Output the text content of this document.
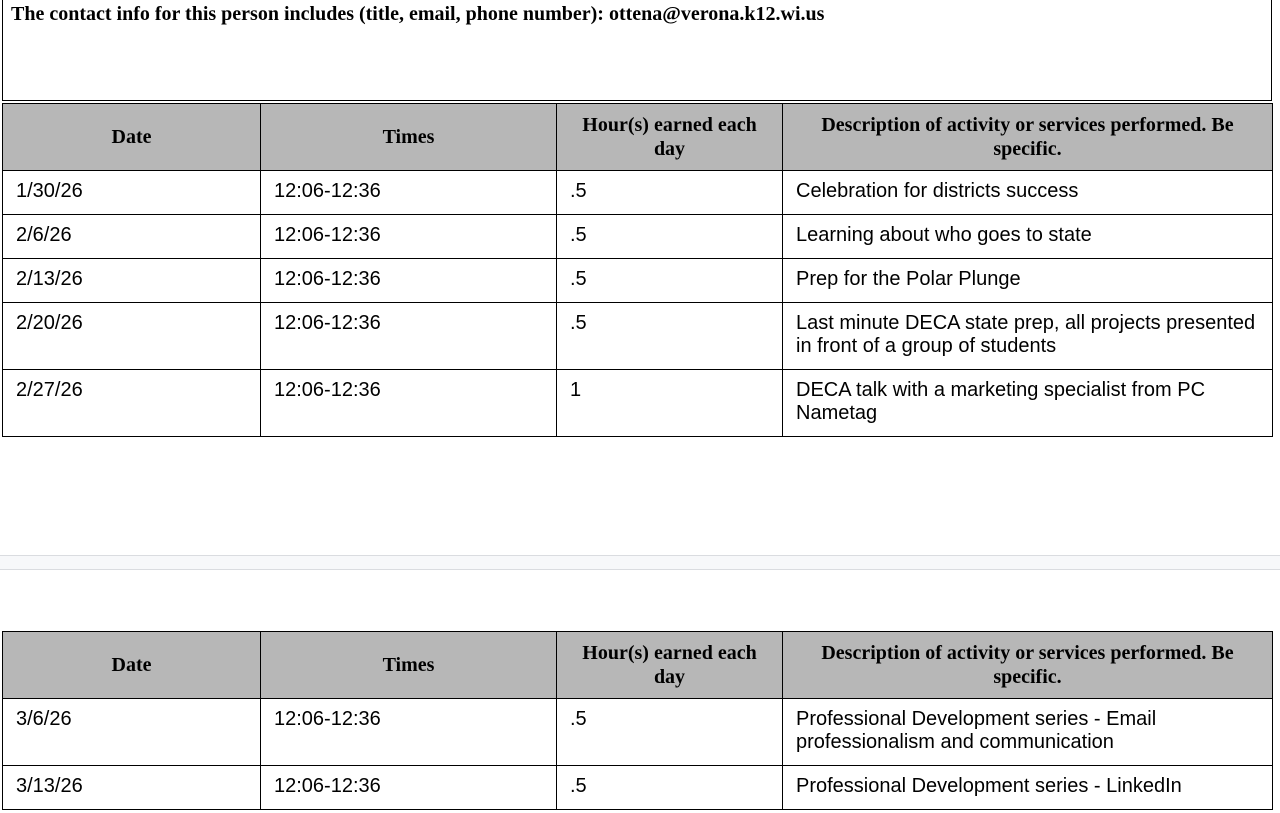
The contact info for this person includes (title, email, phone number): ottena@verona.k12.wi.us
Date	Times	Hour(s) earned each day	Description of activity or services performed. Be specific.
1/30/26	12:06-12:36	.5	Celebration for districts success
2/6/26	12:06-12:36	.5	Learning about who goes to state
2/13/26	12:06-12:36	.5	Prep for the Polar Plunge
2/20/26	12:06-12:36	.5	Last minute DECA state prep, all projects presented in front of a group of students
2/27/26	12:06-12:36	1	DECA talk with a marketing specialist from PC Nametag
Date	Times	Hour(s) earned each day	Description of activity or services performed. Be specific.
3/6/26	12:06-12:36	.5	Professional Development series - Email professionalism and communication
3/13/26	12:06-12:36	.5	Professional Development series - LinkedIn
